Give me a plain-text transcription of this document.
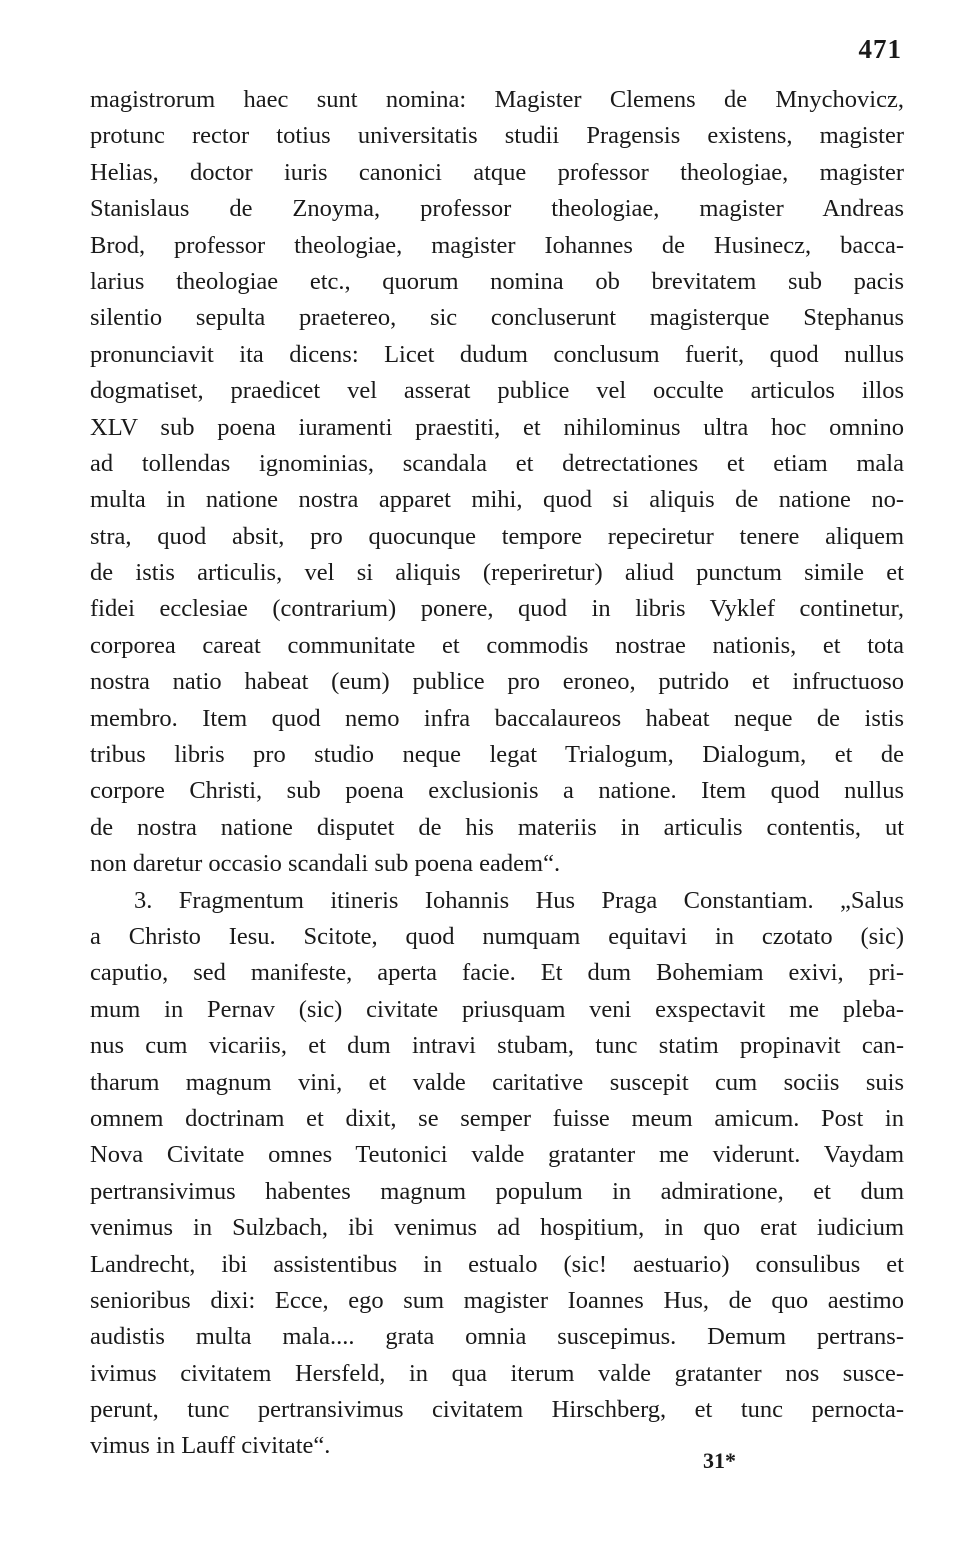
471
magistrorum haec sunt nomina: Magister Clemens de Mnychovicz,
protunc rector totius universitatis studii Pragensis existens, magister
Helias, doctor iuris canonici atque professor theologiae, magister
Stanislaus de Znoyma, professor theologiae, magister Andreas
Brod, professor theologiae, magister Iohannes de Husinecz, bacca-
larius theologiae etc., quorum nomina ob brevitatem sub pacis
silentio sepulta praetereo, sic concluserunt magisterque Stephanus
pronunciavit ita dicens: Licet dudum conclusum fuerit, quod nullus
dogmatiset, praedicet vel asserat publice vel occulte articulos illos
XLV sub poena iuramenti praestiti, et nihilominus ultra hoc omnino
ad tollendas ignominias, scandala et detrectationes et etiam mala
multa in natione nostra apparet mihi, quod si aliquis de natione no-
stra, quod absit, pro quocunque tempore repeciretur tenere aliquem
de istis articulis, vel si aliquis (reperiretur) aliud punctum simile et
fidei ecclesiae (contrarium) ponere, quod in libris Vyklef continetur,
corporea careat communitate et commodis nostrae nationis, et tota
nostra natio habeat (eum) publice pro eroneo, putrido et infructuoso
membro. Item quod nemo infra baccalaureos habeat neque de istis
tribus libris pro studio neque legat Trialogum, Dialogum, et de
corpore Christi, sub poena exclusionis a natione. Item quod nullus
de nostra natione disputet de his materiis in articulis contentis, ut
non daretur occasio scandali sub poena eadem“.
3. Fragmentum itineris Iohannis Hus Praga Constantiam. „Salus
a Christo Iesu. Scitote, quod numquam equitavi in czotato (sic)
caputio, sed manifeste, aperta facie. Et dum Bohemiam exivi, pri-
mum in Pernav (sic) civitate priusquam veni exspectavit me pleba-
nus cum vicariis, et dum intravi stubam, tunc statim propinavit can-
tharum magnum vini, et valde caritative suscepit cum sociis suis
omnem doctrinam et dixit, se semper fuisse meum amicum. Post in
Nova Civitate omnes Teutonici valde gratanter me viderunt. Vaydam
pertransivimus habentes magnum populum in admiratione, et dum
venimus in Sulzbach, ibi venimus ad hospitium, in quo erat iudicium
Landrecht, ibi assistentibus in estualo (sic! aestuario) consulibus et
senioribus dixi: Ecce, ego sum magister Ioannes Hus, de quo aestimo
audistis multa mala.... grata omnia suscepimus. Demum pertrans-
ivimus civitatem Hersfeld, in qua iterum valde gratanter nos susce-
perunt, tunc pertransivimus civitatem Hirschberg, et tunc pernocta-
vimus in Lauff civitate“.
31*
